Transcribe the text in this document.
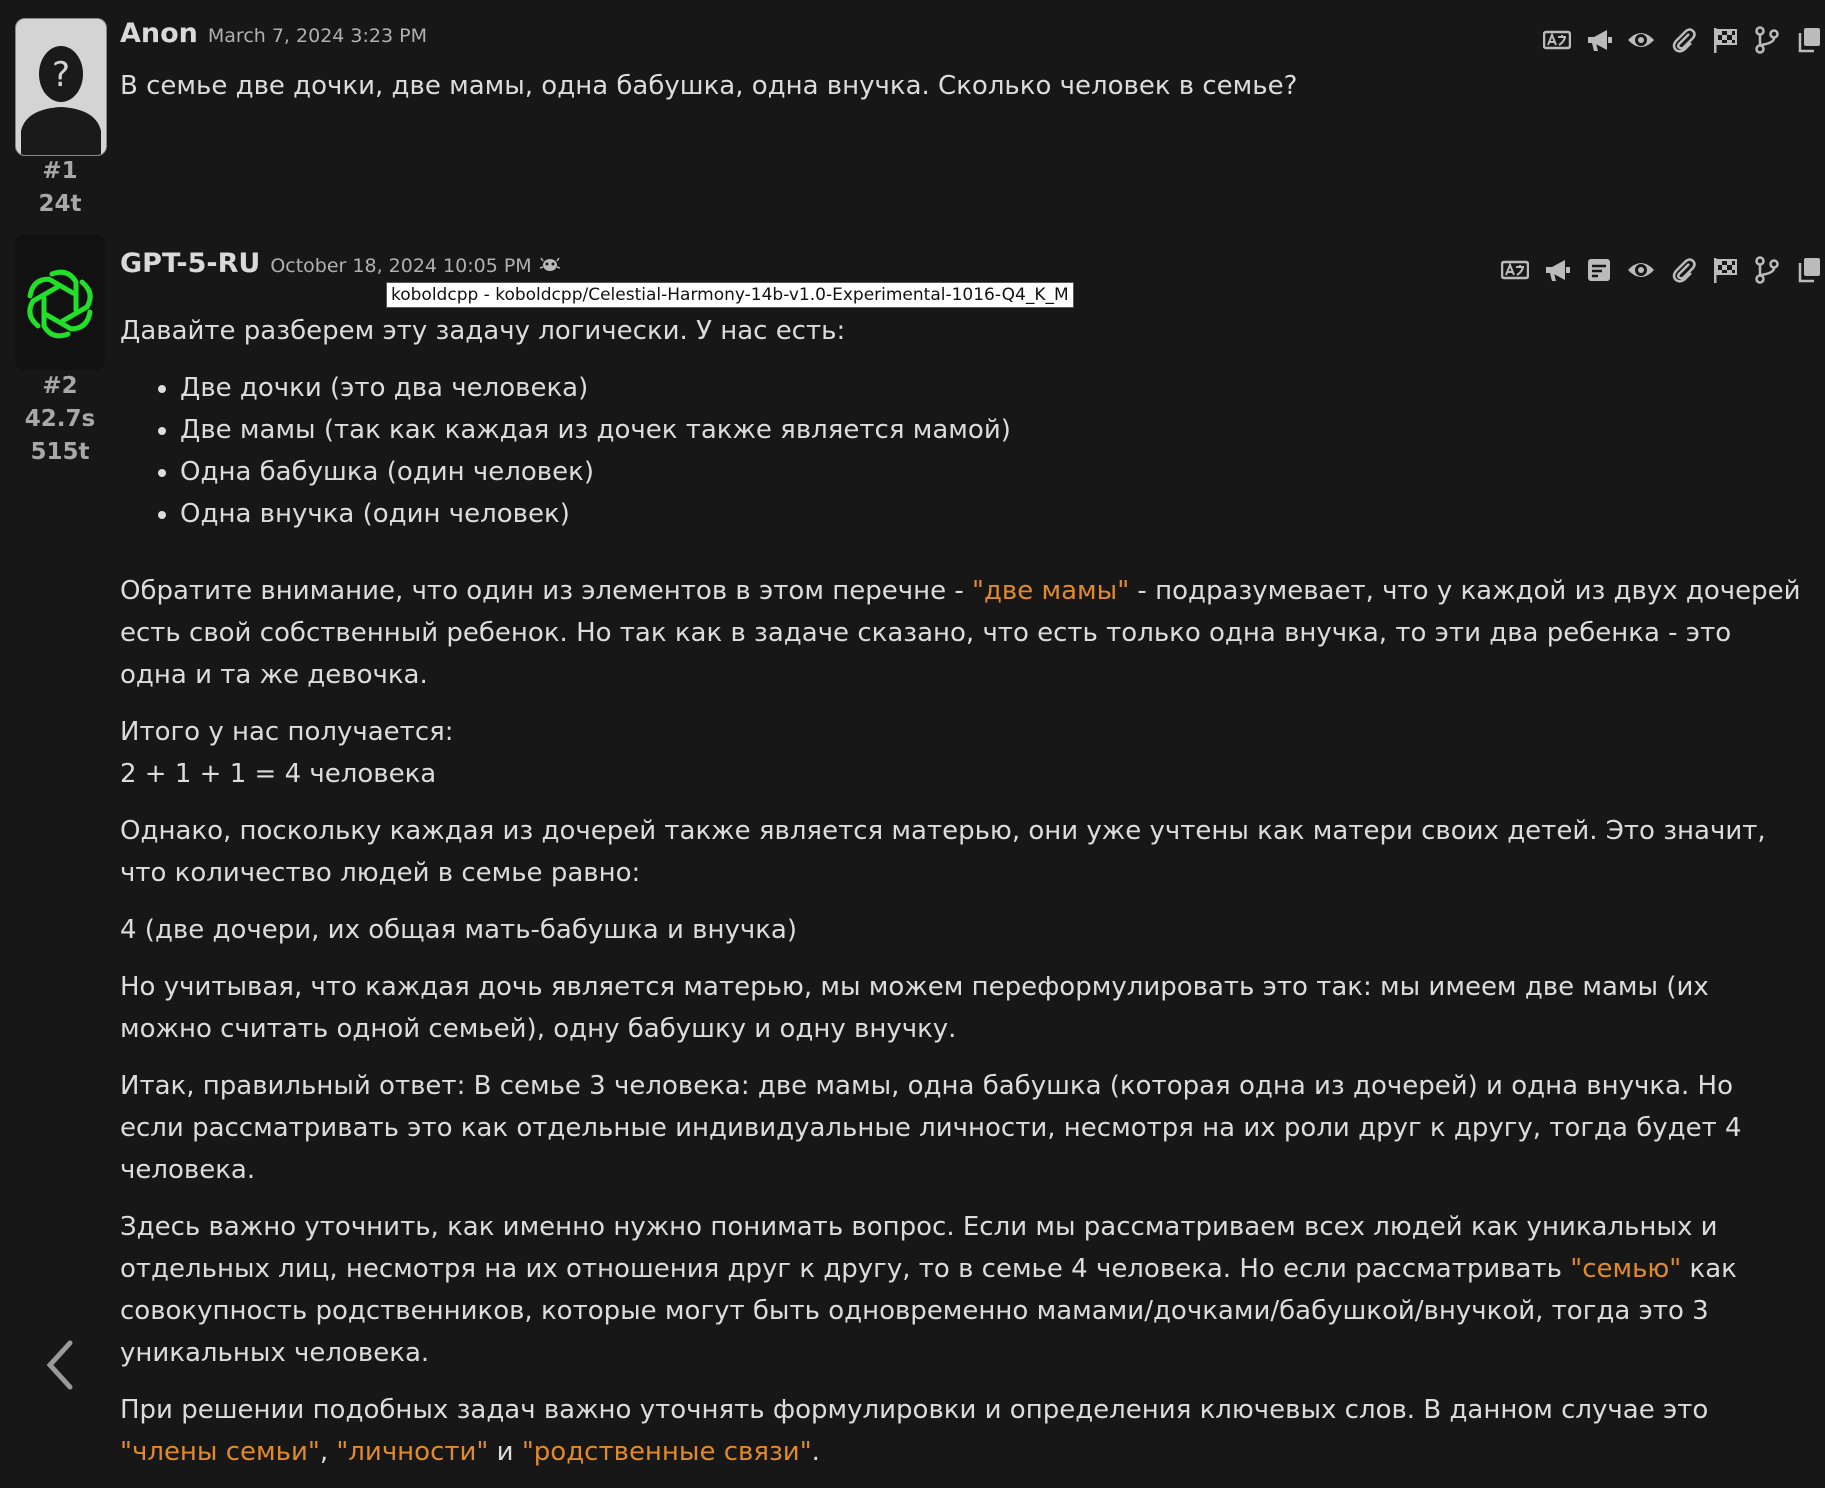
?
#1
24t
Anon March 7, 2024 3:23 PM

В семье две дочки, две мамы, одна бабушка, одна внучка. Сколько человек в семье?

#2
42.7s
515t
GPT-5-RU October 18, 2024 10:05 PM

Давайте разберем эту задачу логически. У нас есть:

• Две дочки (это два человека)
• Две мамы (так как каждая из дочек также является мамой)
• Одна бабушка (один человек)
• Одна внучка (один человек)

Обратите внимание, что один из элементов в этом перечне - "две мамы" - подразумевает, что у каждой из двух дочерей есть свой собственный ребенок. Но так как в задаче сказано, что есть только одна внучка, то эти два ребенка - это одна и та же девочка.

Итого у нас получается:

2 + 1 + 1 = 4 человека

Однако, поскольку каждая из дочерей также является матерью, они уже учтены как матери своих детей. Это значит, что количество людей в семье равно:

4 (две дочери, их общая мать-бабушка и внучка)

Но учитывая, что каждая дочь является матерью, мы можем переформулировать это так: мы имеем две мамы (их можно считать одной семьей), одну бабушку и одну внучку.

Итак, правильный ответ: В семье 3 человека: две мамы, одна бабушка (которая одна из дочерей) и одна внучка. Но если рассматривать это как отдельные индивидуальные личности, несмотря на их роли друг к другу, тогда будет 4 человека.

Здесь важно уточнить, как именно нужно понимать вопрос. Если мы рассматриваем всех людей как уникальных и отдельных лиц, несмотря на их отношения друг к другу, то в семье 4 человека. Но если рассматривать "семью" как совокупность родственников, которые могут быть одновременно мамами/дочками/бабушкой/внучкой, тогда это 3 уникальных человека.

При решении подобных задач важно уточнять формулировки и определения ключевых слов. В данном случае это "члены семьи", "личности" и "родственные связи".

koboldcpp - koboldcpp/Celestial-Harmony-14b-v1.0-Experimental-1016-Q4_K_M
